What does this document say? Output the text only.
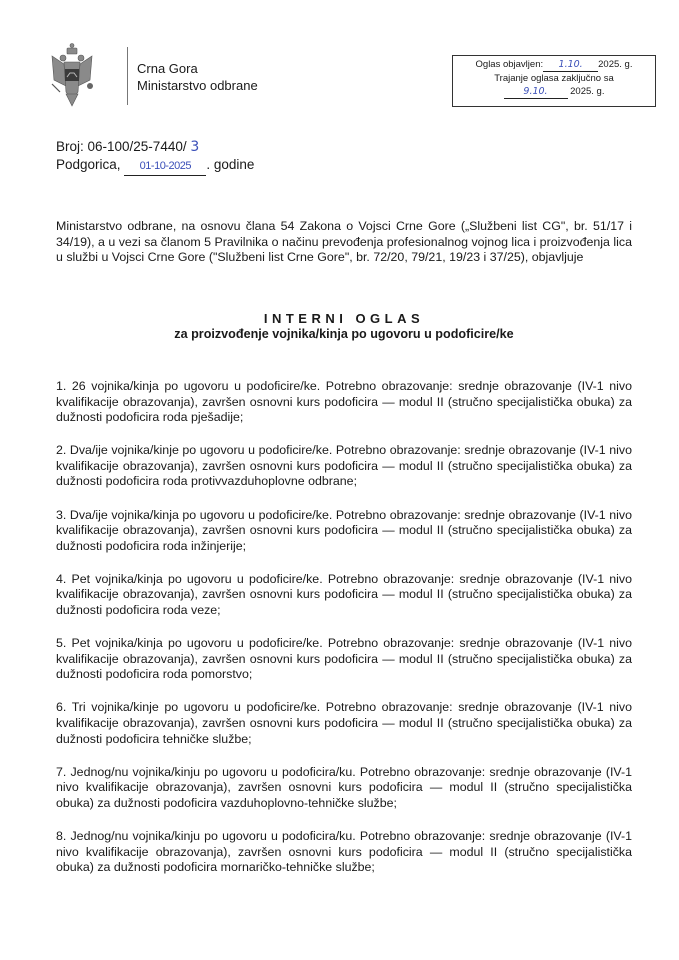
Crna Gora
Ministarstvo odbrane
Oglas objavljen: 1.10. 2025. g.
Trajanje oglasa zaključno sa
9.10. 2025. g.
Broj: 06-100/25-7440/ 3
Podgorica, 01-10-2025 . godine
Ministarstvo odbrane, na osnovu člana 54 Zakona o Vojsci Crne Gore („Službeni list CG", br. 51/17 i 34/19), a u vezi sa članom 5 Pravilnika o načinu prevođenja profesionalnog vojnog lica i proizvođenja lica u službi u Vojsci Crne Gore ("Službeni list Crne Gore", br. 72/20, 79/21, 19/23 i 37/25), objavljuje
INTERNI OGLAS
za proizvođenje vojnika/kinja po ugovoru u podoficire/ke

1. 26 vojnika/kinja po ugovoru u podoficire/ke. Potrebno obrazovanje: srednje obrazovanje (IV-1 nivo kvalifikacije obrazovanja), završen osnovni kurs podoficira — modul II (stručno specijalistička obuka) za dužnosti podoficira roda pješadije;

2. Dva/ije vojnika/kinje po ugovoru u podoficire/ke. Potrebno obrazovanje: srednje obrazovanje (IV-1 nivo kvalifikacije obrazovanja), završen osnovni kurs podoficira — modul II (stručno specijalistička obuka) za dužnosti podoficira roda protivvazduhoplovne odbrane;

3. Dva/ije vojnika/kinja po ugovoru u podoficire/ke. Potrebno obrazovanje: srednje obrazovanje (IV-1 nivo kvalifikacije obrazovanja), završen osnovni kurs podoficira — modul II (stručno specijalistička obuka) za dužnosti podoficira roda inžinjerije;

4. Pet vojnika/kinja po ugovoru u podoficire/ke. Potrebno obrazovanje: srednje obrazovanje (IV-1 nivo kvalifikacije obrazovanja), završen osnovni kurs podoficira — modul II (stručno specijalistička obuka) za dužnosti podoficira roda veze;

5. Pet vojnika/kinja po ugovoru u podoficire/ke. Potrebno obrazovanje: srednje obrazovanje (IV-1 nivo kvalifikacije obrazovanja), završen osnovni kurs podoficira — modul II (stručno specijalistička obuka) za dužnosti podoficira roda pomorstvo;

6. Tri vojnika/kinje po ugovoru u podoficire/ke. Potrebno obrazovanje: srednje obrazovanje (IV-1 nivo kvalifikacije obrazovanja), završen osnovni kurs podoficira — modul II (stručno specijalistička obuka) za dužnosti podoficira tehničke službe;

7. Jednog/nu vojnika/kinju po ugovoru u podoficira/ku. Potrebno obrazovanje: srednje obrazovanje (IV-1 nivo kvalifikacije obrazovanja), završen osnovni kurs podoficira — modul II (stručno specijalistička obuka) za dužnosti podoficira vazduhoplovno-tehničke službe;

8. Jednog/nu vojnika/kinju po ugovoru u podoficira/ku. Potrebno obrazovanje: srednje obrazovanje (IV-1 nivo kvalifikacije obrazovanja), završen osnovni kurs podoficira — modul II (stručno specijalistička obuka) za dužnosti podoficira mornaričko-tehničke službe;
